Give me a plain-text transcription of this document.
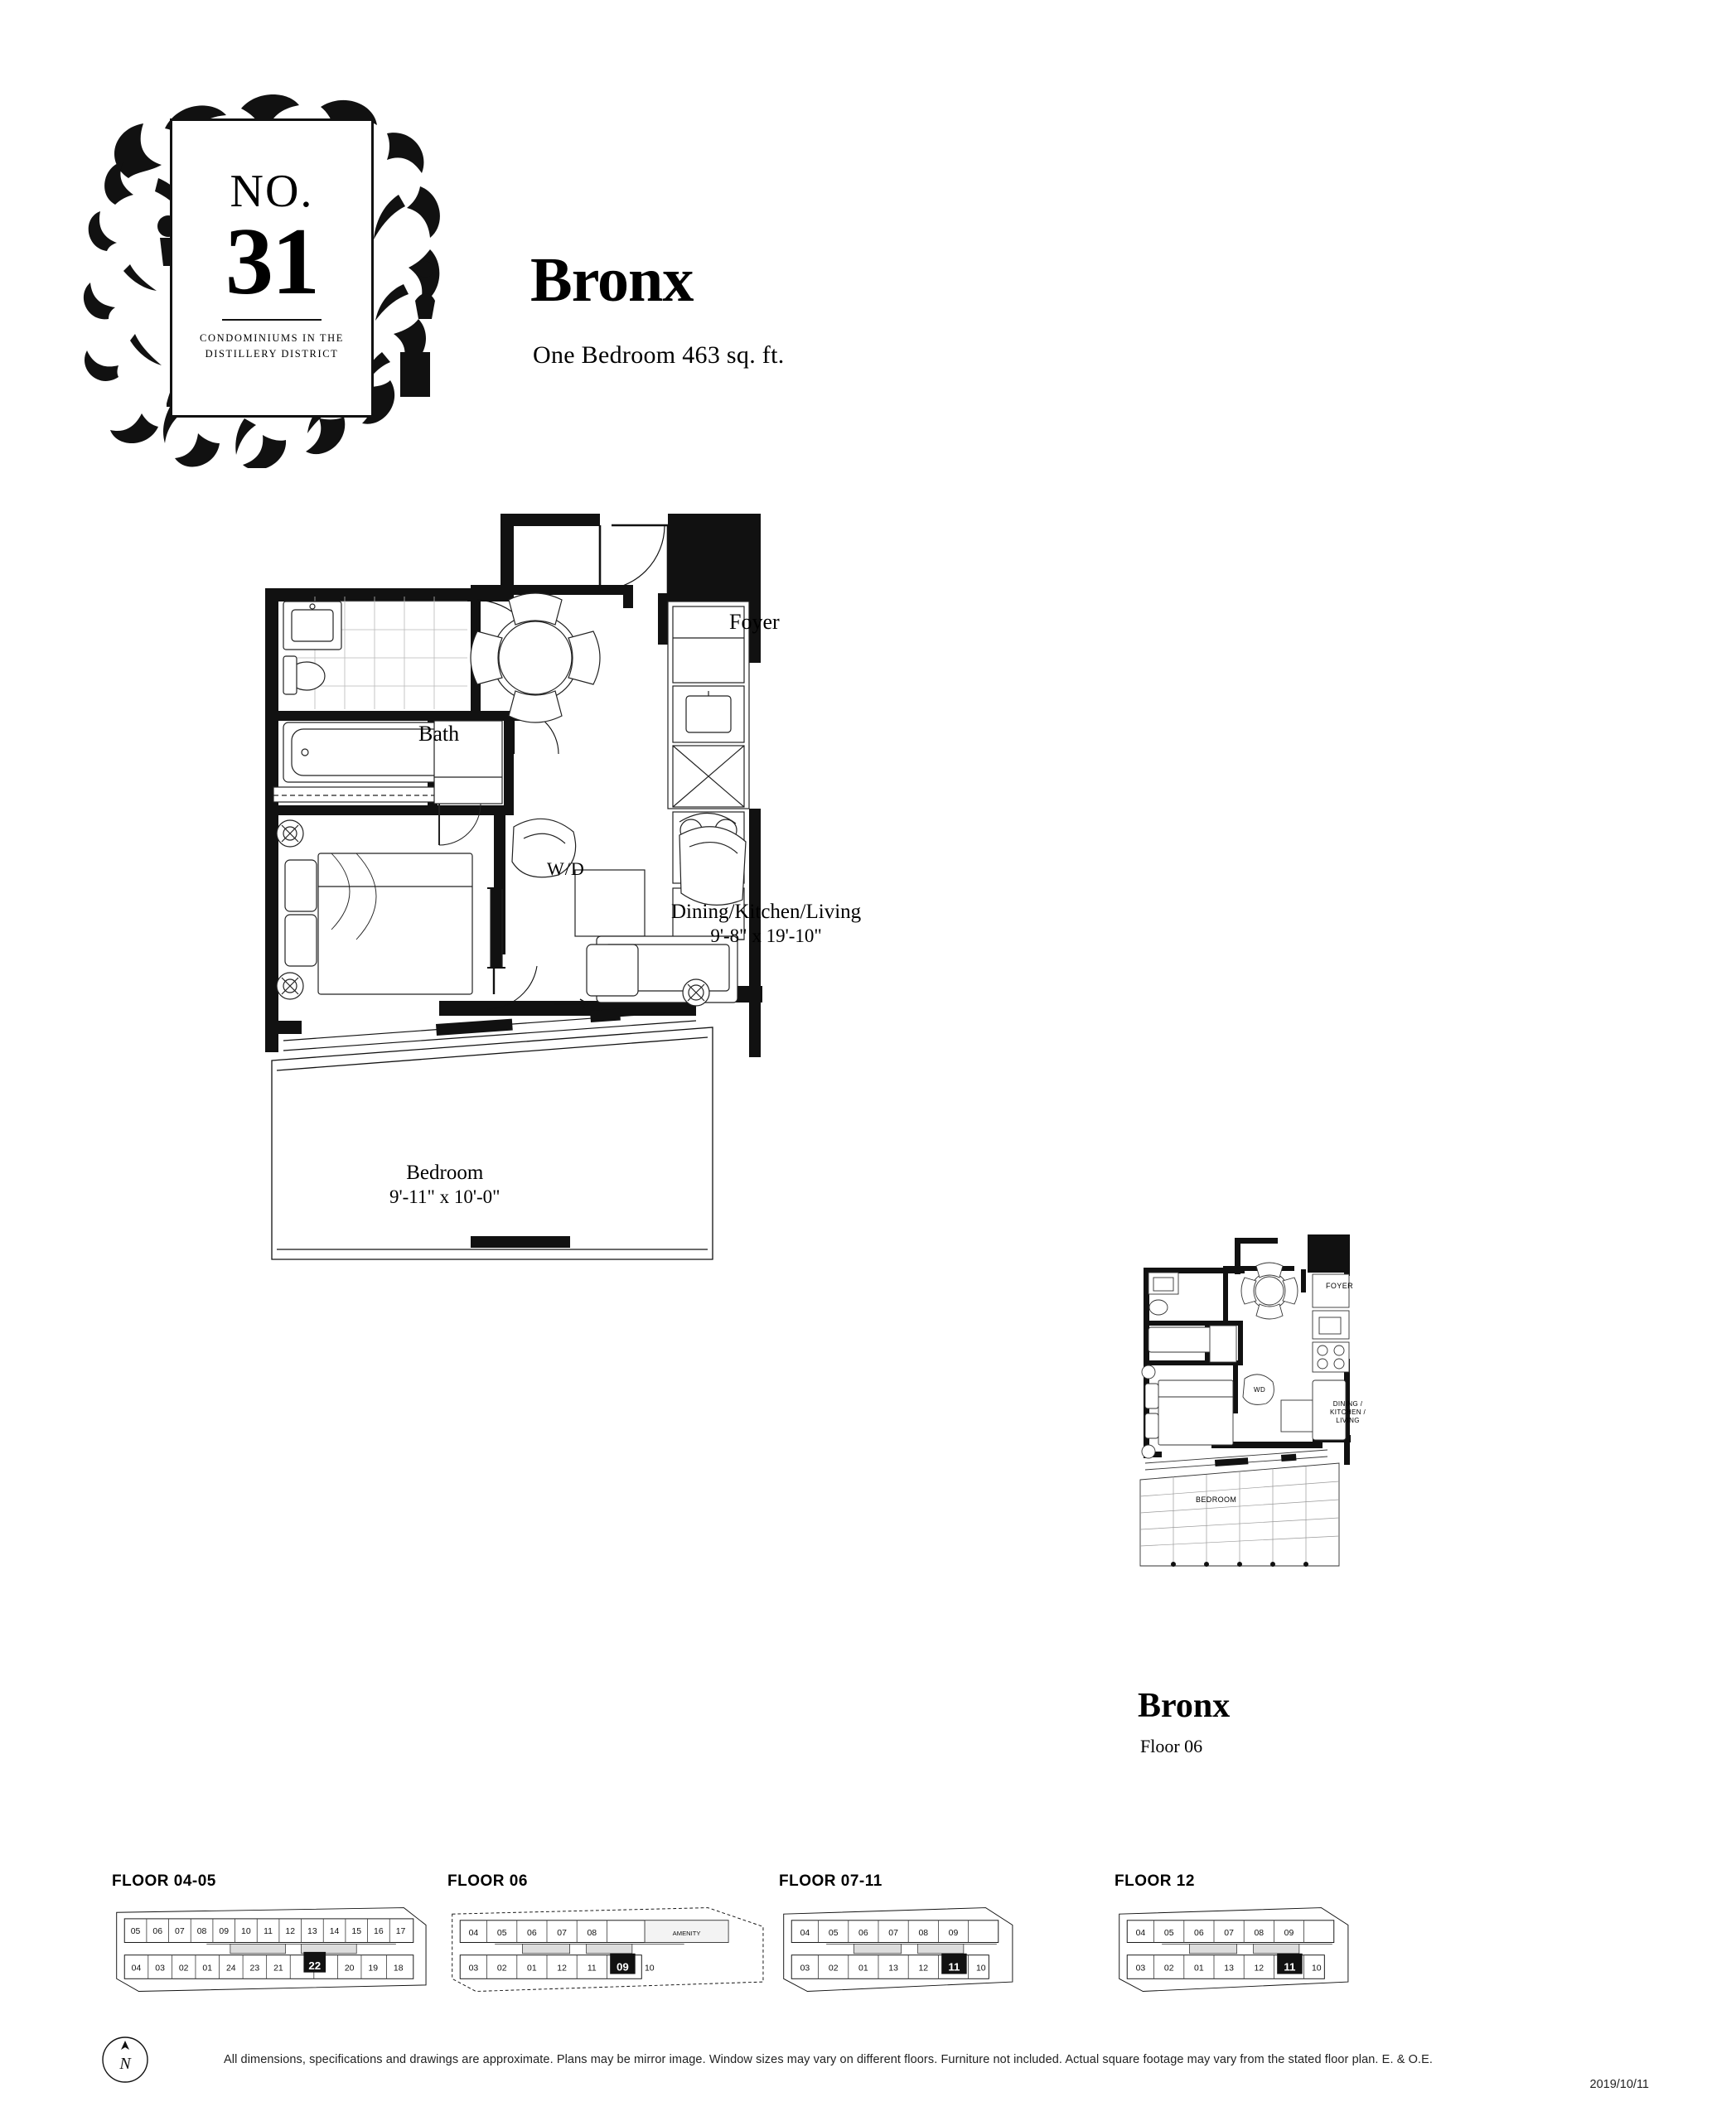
NO.
31
CONDOMINIUMS IN THE
DISTILLERY DISTRICT
Bronx
One Bedroom 463 sq. ft.
Foyer
Bath
W/D
Dining/Kitchen/Living
9'-8" x 19'-10"
Bedroom
9'-11" x 10'-0"
FOYER
WD
DINING /
KITCHEN /
LIVING
BEDROOM
Bronx
Floor 06
FLOOR 04-05
05 06 07 08 09 10 11 12 13 14 15 16 17
04 03 02 01 24 23 21	20 19 18
22
FLOOR 06
04 05 06 07 08	AMENITY
03 02 01 12 11	10
09
FLOOR 07-11
04 05 06 07 08 09
03 02 01 13 12	10
11
FLOOR 12
04 05 06 07 08 09
03 02 01 13 12	10
11
N	All dimensions, specifications and drawings are approximate. Plans may be mirror image. Window sizes may vary on different floors. Furniture not included. Actual square footage may vary from the stated floor plan. E. & O.E.
2019/10/11
